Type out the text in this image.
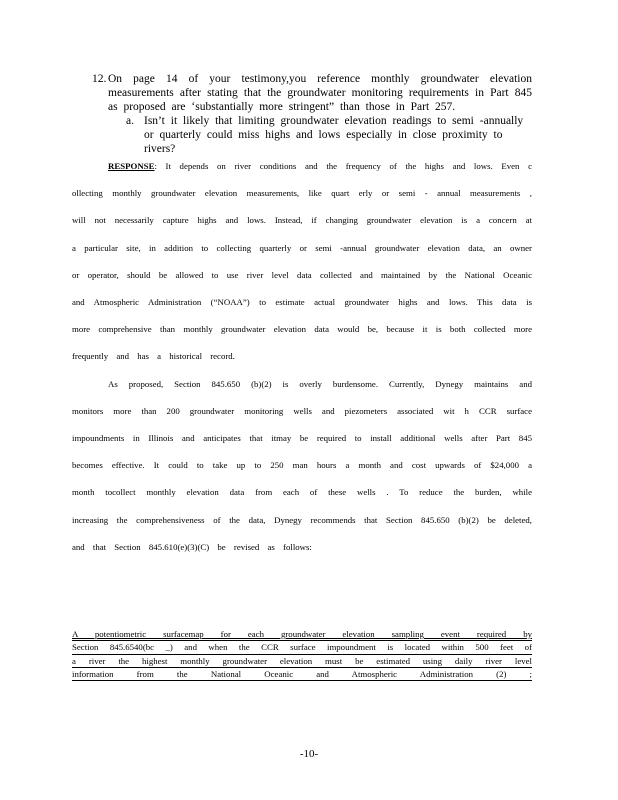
12. On page 14 of your testimony,you reference monthly groundwater elevation measurements after stating that the groundwater monitoring requirements in Part 845 as proposed are ‘substantially more stringent” than those in Part 257.
a. Isn’t it likely that limiting groundwater elevation readings to semi -annually or quarterly could miss highs and lows especially in close proximity to rivers?

RESPONSE: It depends on river conditions and the frequency of the highs and lows. Even c ollecting monthly groundwater elevation measurements, like quart erly or semi - annual measurements , will not necessarily capture highs and lows. Instead, if changing groundwater elevation is a concern at a particular site, in addition to collecting quarterly or semi -annual groundwater elevation data, an owner or operator, should be allowed to use river level data collected and maintained by the National Oceanic and Atmospheric Administration (“NOAA”) to estimate actual groundwater highs and lows. This data is more comprehensive than monthly groundwater elevation data would be, because it is both collected more frequently and has a historical record.

As proposed, Section 845.650 (b)(2) is overly burdensome. Currently, Dynegy maintains and monitors more than 200 groundwater monitoring wells and piezometers associated wit h CCR surface impoundments in Illinois and anticipates that itmay be required to install additional wells after Part 845 becomes effective. It could to take up to 250 man hours a month and cost upwards of $24,000 a month tocollect monthly elevation data from each of these wells . To reduce the burden, while increasing the comprehensiveness of the data, Dynegy recommends that Section 845.650 (b)(2) be deleted, and that Section 845.610(e)(3)(C) be revised as follows:

A potentiometric surfacemap for each groundwater elevation sampling event required by
Section 845.6540(bc _) and when the CCR surface impoundment is located within 500 feet of
a river the highest monthly groundwater elevation must be estimated using daily river level
information from the National Oceanic and Atmospheric Administration (2) ;
-10-
